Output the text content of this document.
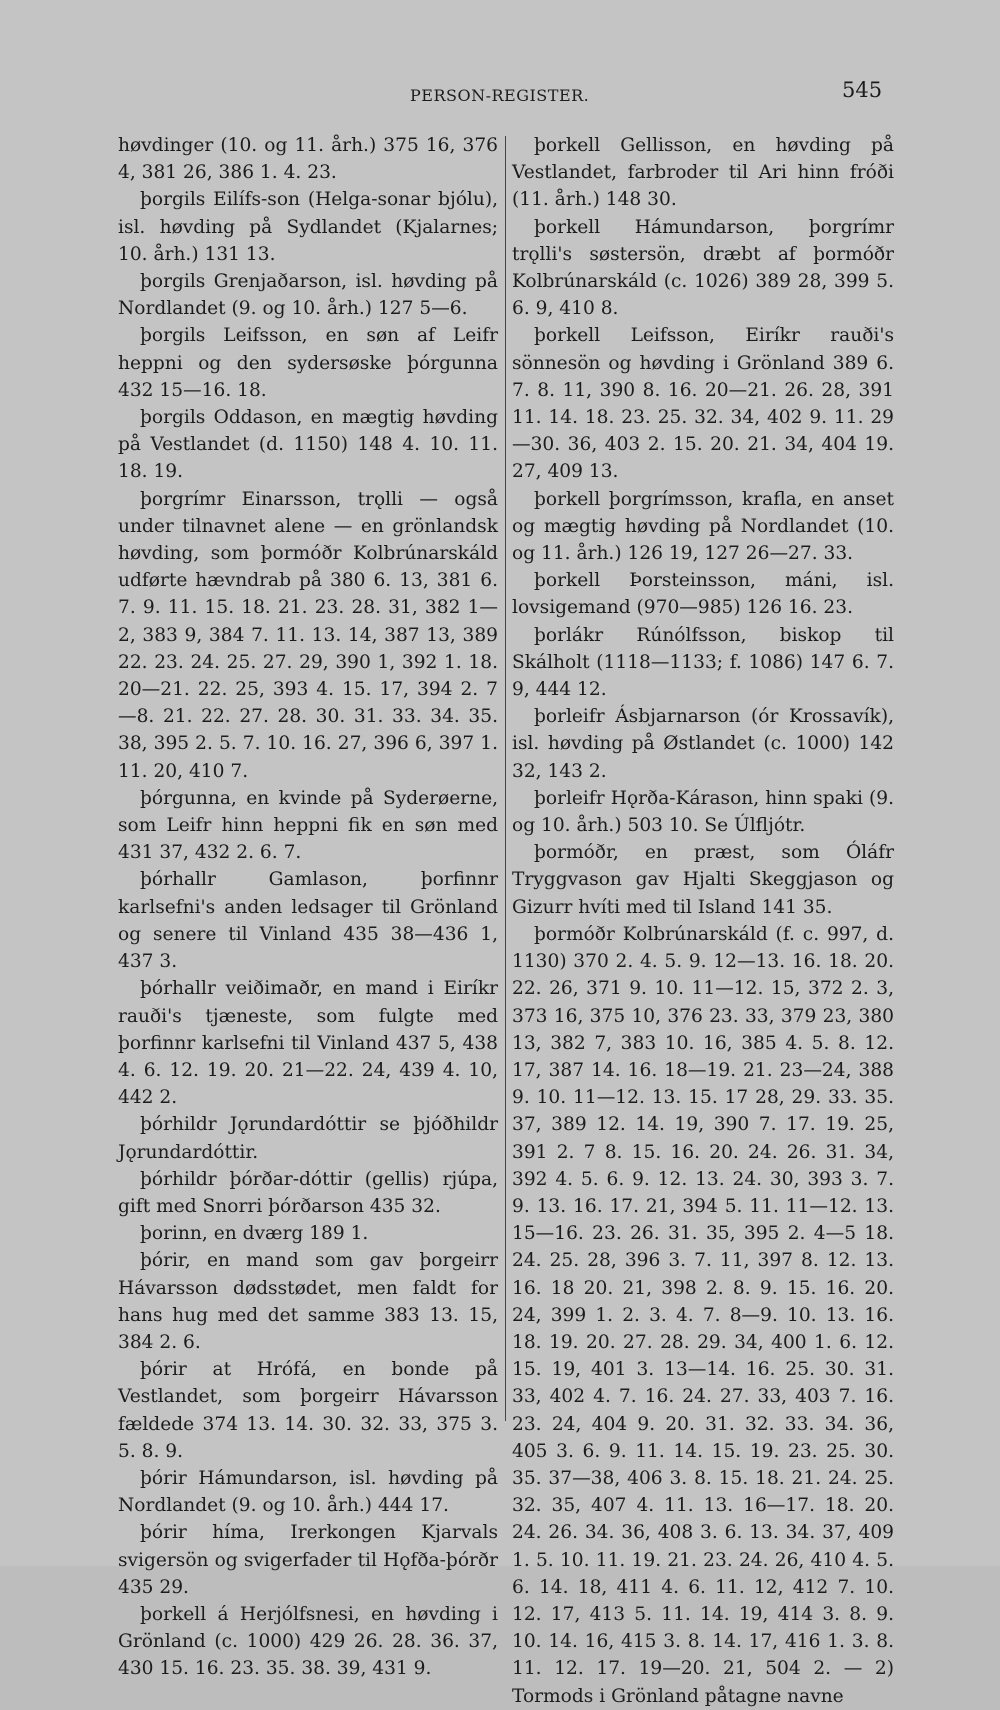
PERSON-REGISTER.	545

høvdinger (10. og 11. årh.) 375 16, 376 4, 381 26, 386 1. 4. 23.

þorgils Eilífs-son (Helga-sonar bjólu), isl. høvding på Sydlandet (Kjalarnes; 10. årh.) 131 13.

þorgils Grenjaðarson, isl. høvding på Nordlandet (9. og 10. årh.) 127 5—6.

þorgils Leifsson, en søn af Leifr heppni og den sydersøske þórgunna 432 15—16. 18.

þorgils Oddason, en mægtig høvding på Vestlandet (d. 1150) 148 4. 10. 11. 18. 19.

þorgrímr Einarsson, trǫlli — også under tilnavnet alene — en grönlandsk høvding, som þormóðr Kolbrúnarskáld udførte hævndrab på 380 6. 13, 381 6. 7. 9. 11. 15. 18. 21. 23. 28. 31, 382 1—2, 383 9, 384 7. 11. 13. 14, 387 13, 389 22. 23. 24. 25. 27. 29, 390 1, 392 1. 18. 20—21. 22. 25, 393 4. 15. 17, 394 2. 7—8. 21. 22. 27. 28. 30. 31. 33. 34. 35. 38, 395 2. 5. 7. 10. 16. 27, 396 6, 397 1. 11. 20, 410 7.

þórgunna, en kvinde på Syderøerne, som Leifr hinn heppni fik en søn med 431 37, 432 2. 6. 7.

þórhallr Gamlason, þorfinnr karlsefni's anden ledsager til Grönland og senere til Vinland 435 38—436 1, 437 3.

þórhallr veiðimaðr, en mand i Eiríkr rauði's tjæneste, som fulgte med þorfinnr karlsefni til Vinland 437 5, 438 4. 6. 12. 19. 20. 21—22. 24, 439 4. 10, 442 2.

þórhildr Jǫrundardóttir se þjóðhildr Jǫrundardóttir.

þórhildr þórðar-dóttir (gellis) rjúpa, gift med Snorri þórðarson 435 32.

þorinn, en dværg 189 1.

þórir, en mand som gav þorgeirr Hávarsson dødsstødet, men faldt for hans hug med det samme 383 13. 15, 384 2. 6.

þórir at Hrófá, en bonde på Vestlandet, som þorgeirr Hávarsson fældede 374 13. 14. 30. 32. 33, 375 3. 5. 8. 9.

þórir Hámundarson, isl. høvding på Nordlandet (9. og 10. årh.) 444 17.

þórir híma, Irerkongen Kjarvals svigersön og svigerfader til Hǫfða-þórðr 435 29.

þorkell á Herjólfsnesi, en høvding i Grönland (c. 1000) 429 26. 28. 36. 37, 430 15. 16. 23. 35. 38. 39, 431 9.

þorkell Gellisson, en høvding på Vestlandet, farbroder til Ari hinn fróði (11. årh.) 148 30.

þorkell Hámundarson, þorgrímr trǫlli's søstersön, dræbt af þormóðr Kolbrúnarskáld (c. 1026) 389 28, 399 5. 6. 9, 410 8.

þorkell Leifsson, Eiríkr rauði's sönnesön og høvding i Grönland 389 6. 7. 8. 11, 390 8. 16. 20—21. 26. 28, 391 11. 14. 18. 23. 25. 32. 34, 402 9. 11. 29—30. 36, 403 2. 15. 20. 21. 34, 404 19. 27, 409 13.

þorkell þorgrímsson, krafla, en anset og mægtig høvding på Nordlandet (10. og 11. årh.) 126 19, 127 26—27. 33.

þorkell Þorsteinsson, máni, isl. lovsigemand (970—985) 126 16. 23.

þorlákr Rúnólfsson, biskop til Skálholt (1118—1133; f. 1086) 147 6. 7. 9, 444 12.

þorleifr Ásbjarnarson (ór Krossavík), isl. høvding på Østlandet (c. 1000) 142 32, 143 2.

þorleifr Hǫrða-Kárason, hinn spaki (9. og 10. årh.) 503 10. Se Úlfljótr.

þormóðr, en præst, som Óláfr Tryggvason gav Hjalti Skeggjason og Gizurr hvíti med til Island 141 35.

þormóðr Kolbrúnarskáld (f. c. 997, d. 1130) 370 2. 4. 5. 9. 12—13. 16. 18. 20. 22. 26, 371 9. 10. 11—12. 15, 372 2. 3, 373 16, 375 10, 376 23. 33, 379 23, 380 13, 382 7, 383 10. 16, 385 4. 5. 8. 12. 17, 387 14. 16. 18—19. 21. 23—24, 388 9. 10. 11—12. 13. 15. 17 28, 29. 33. 35. 37, 389 12. 14. 19, 390 7. 17. 19. 25, 391 2. 7 8. 15. 16. 20. 24. 26. 31. 34, 392 4. 5. 6. 9. 12. 13. 24. 30, 393 3. 7. 9. 13. 16. 17. 21, 394 5. 11. 11—12. 13. 15—16. 23. 26. 31. 35, 395 2. 4—5 18. 24. 25. 28, 396 3. 7. 11, 397 8. 12. 13. 16. 18 20. 21, 398 2. 8. 9. 15. 16. 20. 24, 399 1. 2. 3. 4. 7. 8—9. 10. 13. 16. 18. 19. 20. 27. 28. 29. 34, 400 1. 6. 12. 15. 19, 401 3. 13—14. 16. 25. 30. 31. 33, 402 4. 7. 16. 24. 27. 33, 403 7. 16. 23. 24, 404 9. 20. 31. 32. 33. 34. 36, 405 3. 6. 9. 11. 14. 15. 19. 23. 25. 30. 35. 37—38, 406 3. 8. 15. 18. 21. 24. 25. 32. 35, 407 4. 11. 13. 16—17. 18. 20. 24. 26. 34. 36, 408 3. 6. 13. 34. 37, 409 1. 5. 10. 11. 19. 21. 23. 24. 26, 410 4. 5. 6. 14. 18, 411 4. 6. 11. 12, 412 7. 10. 12. 17, 413 5. 11. 14. 19, 414 3. 8. 9. 10. 14. 16, 415 3. 8. 14. 17, 416 1. 3. 8. 11. 12. 17. 19—20. 21, 504 2. — 2) Tormods i Grönland påtagne navne
